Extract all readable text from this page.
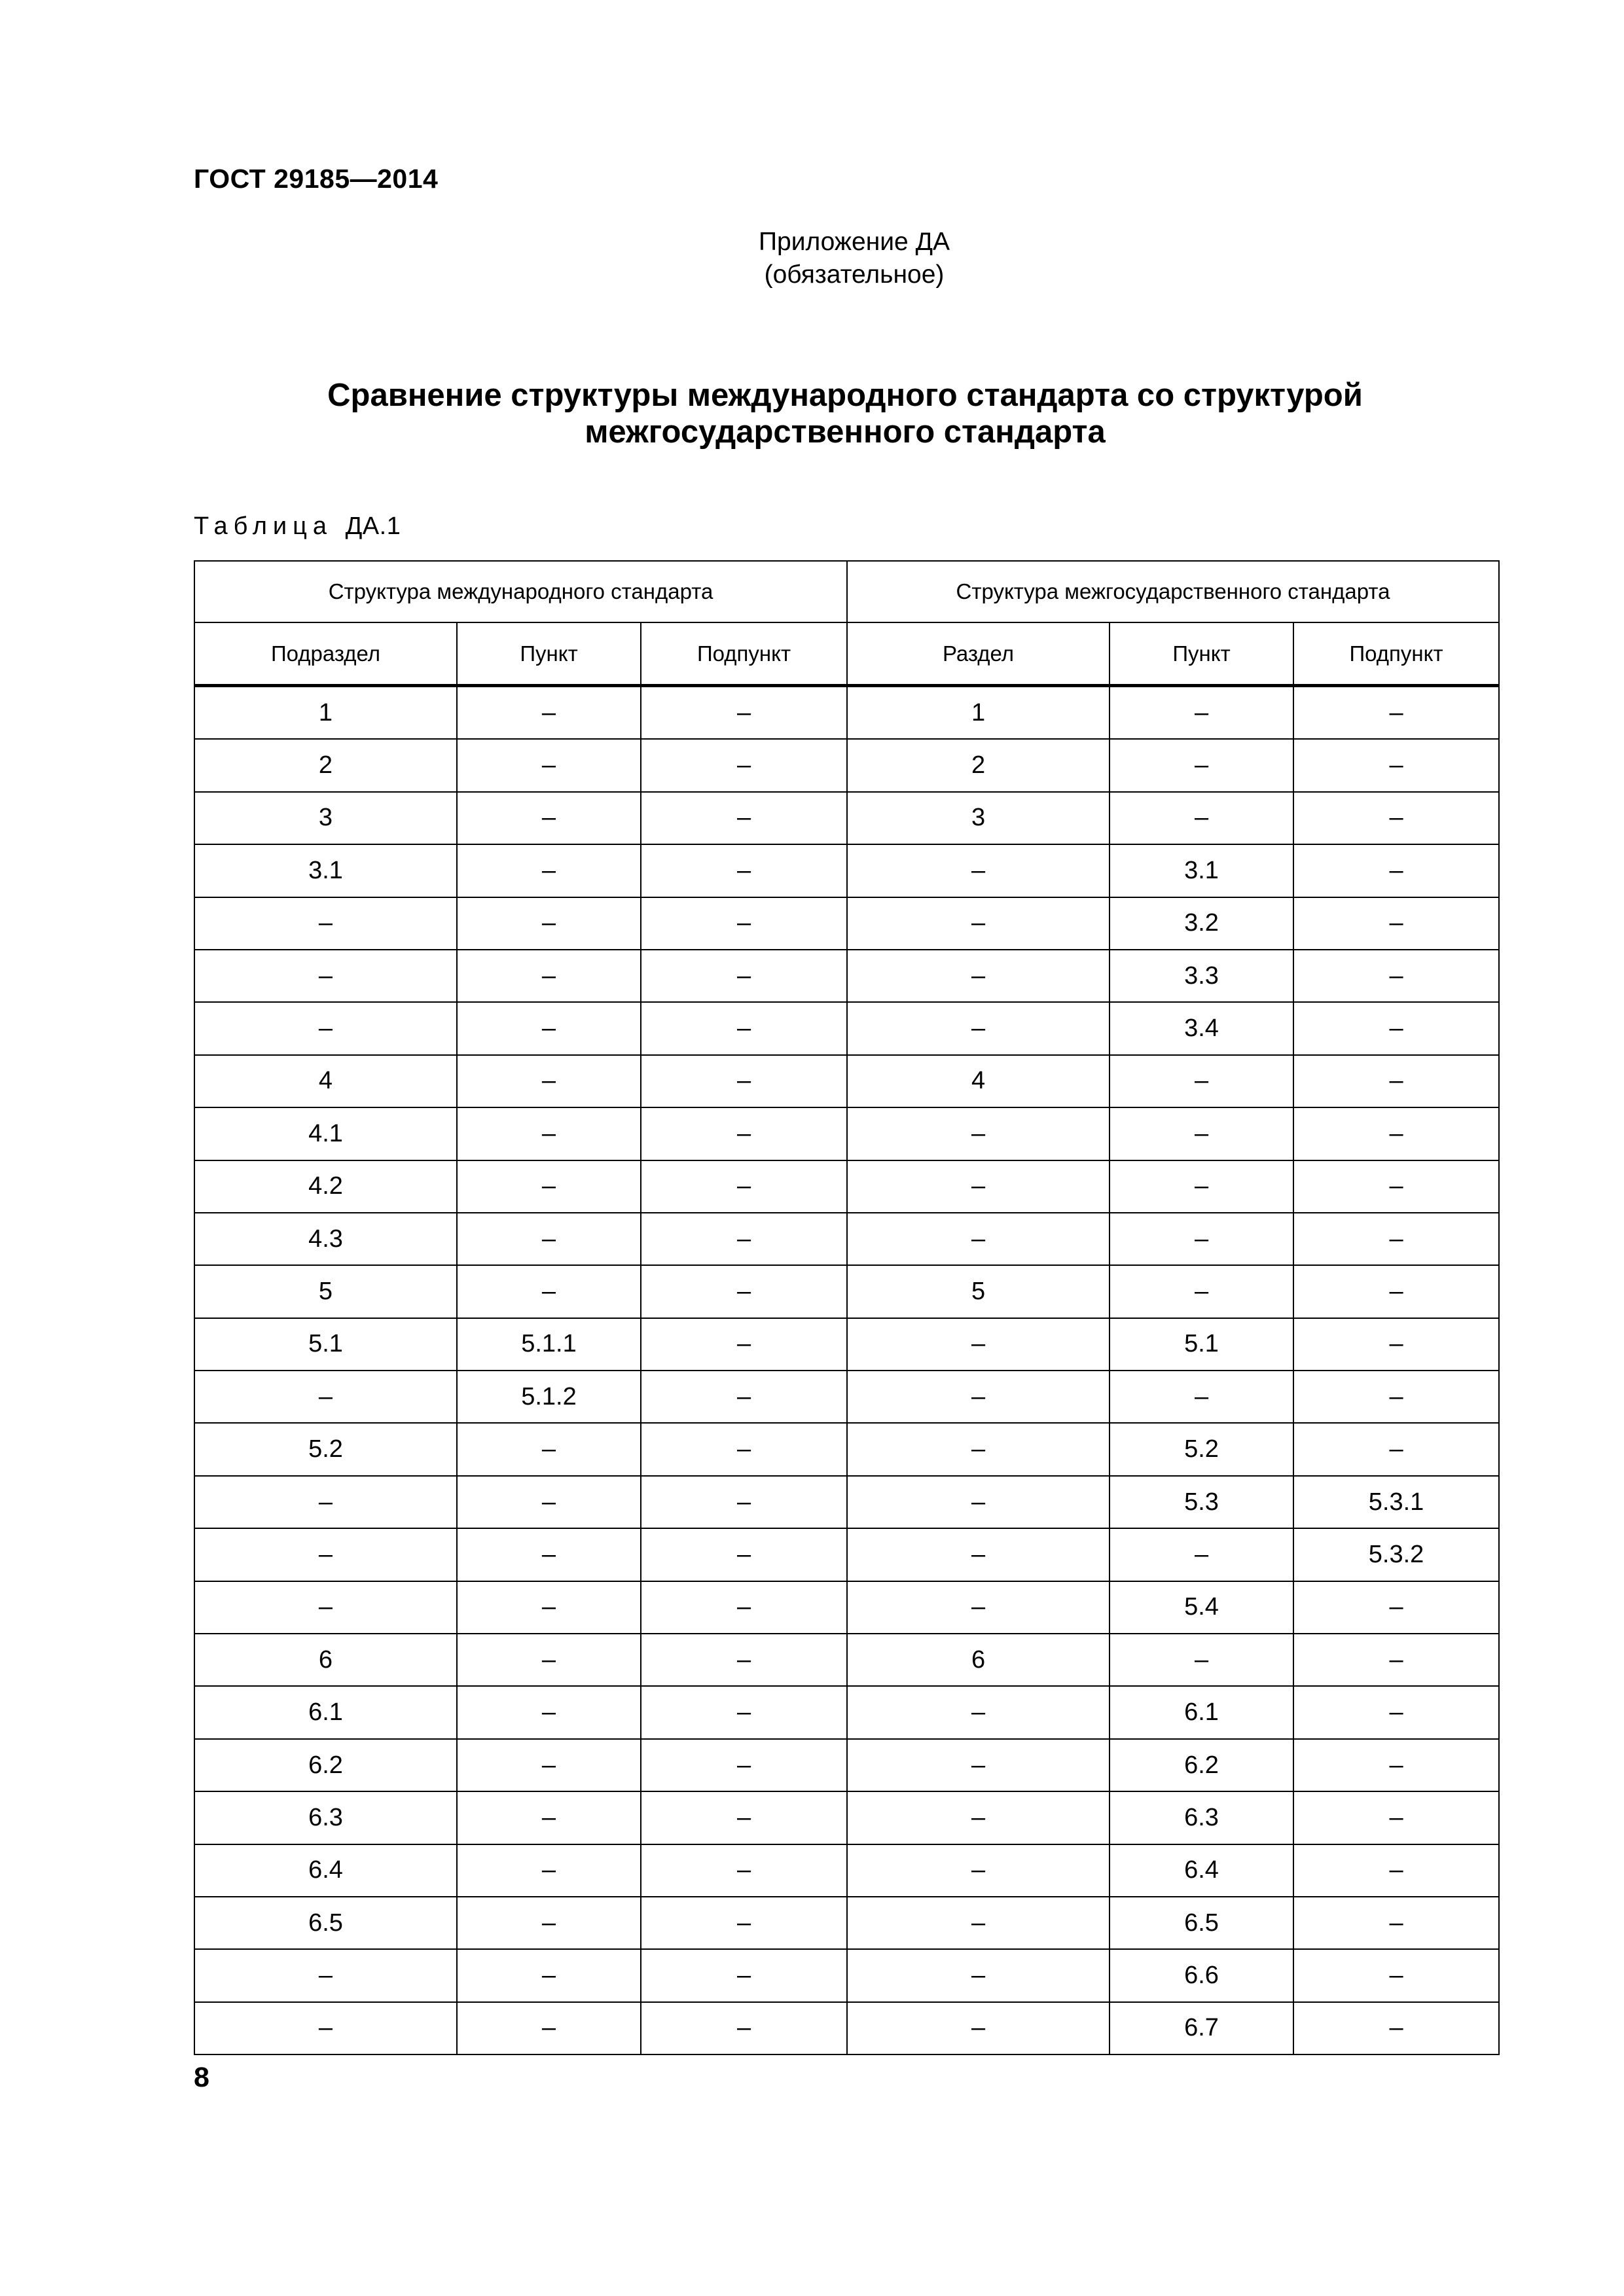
ГОСТ 29185—2014
Приложение ДА
(обязательное)
Сравнение структуры международного стандарта со структурой
межгосударственного стандарта
Таблица ДА.1
Структура международного стандарта			Структура межгосударственного стандарта		
Подраздел	Пункт	Подпункт	Раздел	Пункт	Подпункт
1	–	–	1	–	–
2	–	–	2	–	–
3	–	–	3	–	–
3.1	–	–	–	3.1	–
–	–	–	–	3.2	–
–	–	–	–	3.3	–
–	–	–	–	3.4	–
4	–	–	4	–	–
4.1	–	–	–	–	–
4.2	–	–	–	–	–
4.3	–	–	–	–	–
5	–	–	5	–	–
5.1	5.1.1	–	–	5.1	–
–	5.1.2	–	–	–	–
5.2	–	–	–	5.2	–
–	–	–	–	5.3	5.3.1
–	–	–	–	–	5.3.2
–	–	–	–	5.4	–
6	–	–	6	–	–
6.1	–	–	–	6.1	–
6.2	–	–	–	6.2	–
6.3	–	–	–	6.3	–
6.4	–	–	–	6.4	–
6.5	–	–	–	6.5	–
–	–	–	–	6.6	–
–	–	–	–	6.7	–
8
